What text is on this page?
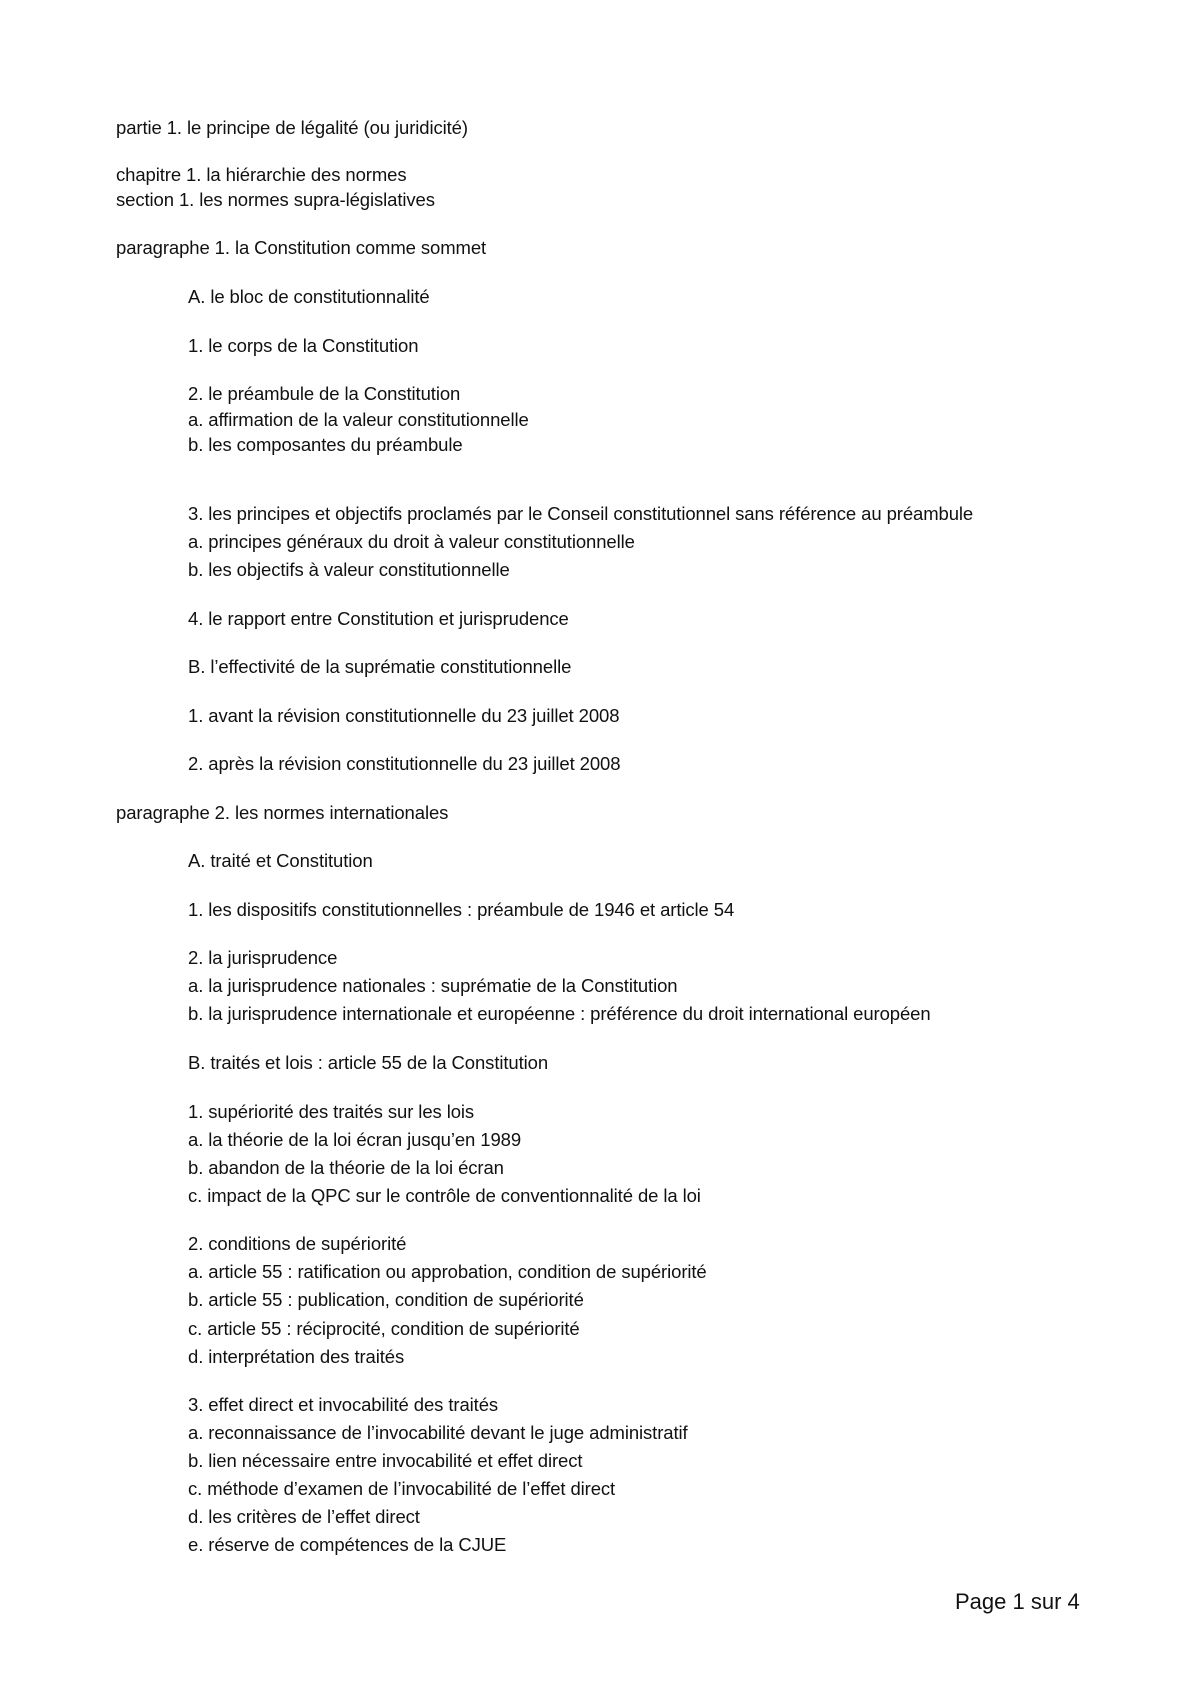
partie 1. le principe de légalité (ou juridicité)
chapitre 1. la hiérarchie des normes
section 1. les normes supra-législatives
paragraphe 1. la Constitution comme sommet
A. le bloc de constitutionnalité
1. le corps de la Constitution
2. le préambule de la Constitution
a. affirmation de la valeur constitutionnelle
b. les composantes du préambule
3. les principes et objectifs proclamés par le Conseil constitutionnel sans référence au préambule
a. principes généraux du droit à valeur constitutionnelle
b. les objectifs à valeur constitutionnelle
4. le rapport entre Constitution et jurisprudence
B. l’effectivité de la suprématie constitutionnelle
1. avant la révision constitutionnelle du 23 juillet 2008
2. après la révision constitutionnelle du 23 juillet 2008
paragraphe 2. les normes internationales
A. traité et Constitution
1. les dispositifs constitutionnelles : préambule de 1946 et article 54
2. la jurisprudence
a. la jurisprudence nationales : suprématie de la Constitution
b. la jurisprudence internationale et européenne : préférence du droit international européen
B. traités et lois : article 55 de la Constitution
1. supériorité des traités sur les lois
a. la théorie de la loi écran jusqu’en 1989
b. abandon de la théorie de la loi écran
c. impact de la QPC sur le contrôle de conventionnalité de la loi
2. conditions de supériorité
a. article 55 : ratification ou approbation, condition de supériorité
b. article 55 : publication, condition de supériorité
c. article 55 : réciprocité, condition de supériorité
d. interprétation des traités
3. effet direct et invocabilité des traités
a. reconnaissance de l’invocabilité devant le juge administratif
b. lien nécessaire entre invocabilité et effet direct
c. méthode d’examen de l’invocabilité de l’effet direct
d. les critères de l’effet direct
e. réserve de compétences de la CJUE
Page 1 sur 4
